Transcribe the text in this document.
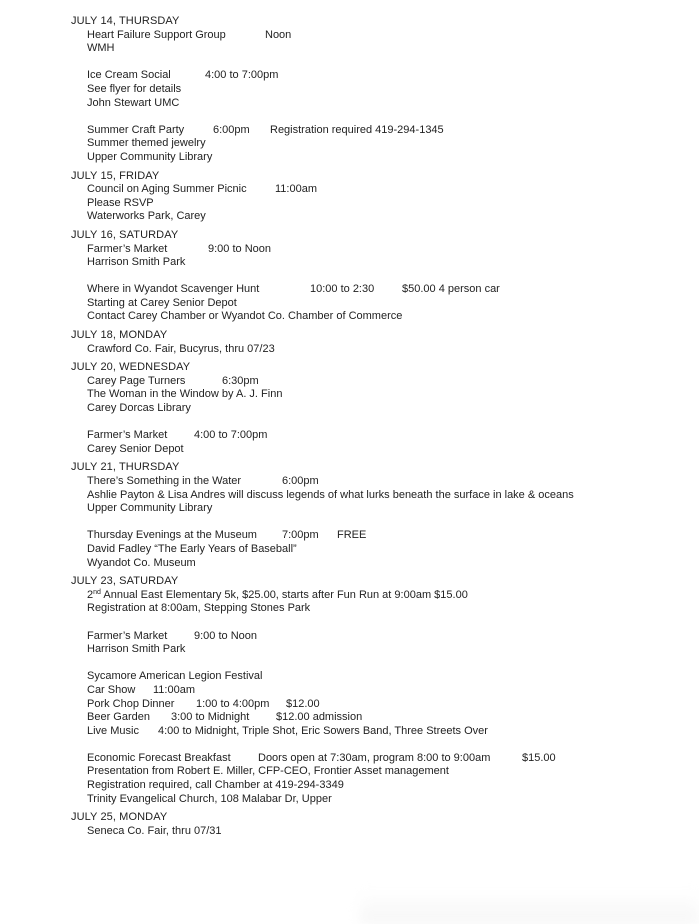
JULY 14, THURSDAY
Heart Failure Support Group	Noon
WMH
Ice Cream Social	4:00 to 7:00pm
See flyer for details
John Stewart UMC
Summer Craft Party	6:00pm Registration required 419-294-1345
Summer themed jewelry
Upper Community Library
JULY 15, FRIDAY
Council on Aging Summer Picnic	11:00am
Please RSVP
Waterworks Park, Carey
JULY 16, SATURDAY
Farmer’s Market	9:00 to Noon
Harrison Smith Park
Where in Wyandot Scavenger Hunt	10:00 to 2:30	$50.00 4 person car
Starting at Carey Senior Depot
Contact Carey Chamber or Wyandot Co. Chamber of Commerce
JULY 18, MONDAY
Crawford Co. Fair, Bucyrus, thru 07/23
JULY 20, WEDNESDAY
Carey Page Turners	6:30pm
The Woman in the Window by A. J. Finn
Carey Dorcas Library
Farmer’s Market 4:00 to 7:00pm
Carey Senior Depot
JULY 21, THURSDAY
There’s Something in the Water	6:00pm
Ashlie Payton & Lisa Andres will discuss legends of what lurks beneath the surface in lake & oceans
Upper Community Library
Thursday Evenings at the Museum 7:00pm FREE
David Fadley “The Early Years of Baseball”
Wyandot Co. Museum
JULY 23, SATURDAY
2nd Annual East Elementary 5k, $25.00, starts after Fun Run at 9:00am $15.00
Registration at 8:00am, Stepping Stones Park
Farmer’s Market 9:00 to Noon
Harrison Smith Park
Sycamore American Legion Festival
Car Show 11:00am
Pork Chop Dinner 1:00 to 4:00pm $12.00
Beer Garden 3:00 to Midnight $12.00 admission
Live Music 4:00 to Midnight, Triple Shot, Eric Sowers Band, Three Streets Over
Economic Forecast Breakfast Doors open at 7:30am, program 8:00 to 9:00am	$15.00
Presentation from Robert E. Miller, CFP-CEO, Frontier Asset management
Registration required, call Chamber at 419-294-3349
Trinity Evangelical Church, 108 Malabar Dr, Upper
JULY 25, MONDAY
Seneca Co. Fair, thru 07/31
